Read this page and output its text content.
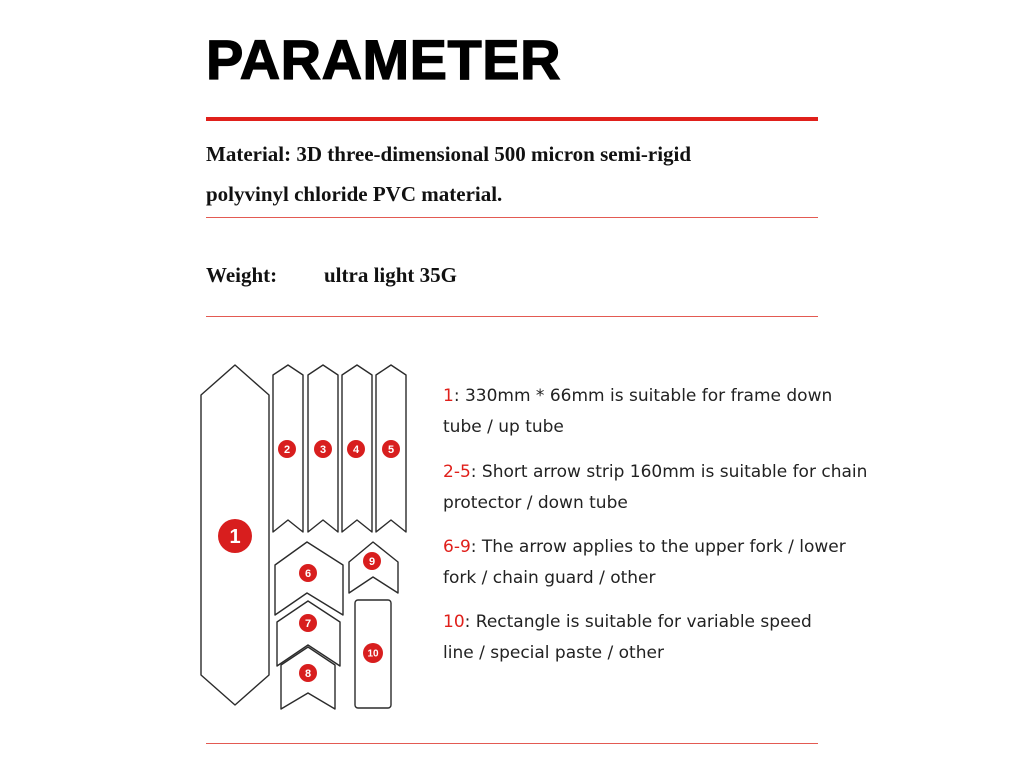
PARAMETER
Material: 3D three-dimensional 500 micron semi-rigid
polyvinyl chloride PVC material.
Weight: ultra light 35G
1
2	3 4	5
6
9
7
8
10
1: 330mm * 66mm is suitable for frame down
tube / up tube
2-5: Short arrow strip 160mm is suitable for chain
protector / down tube
6-9: The arrow applies to the upper fork / lower
fork / chain guard / other
10: Rectangle is suitable for variable speed
line / special paste / other
